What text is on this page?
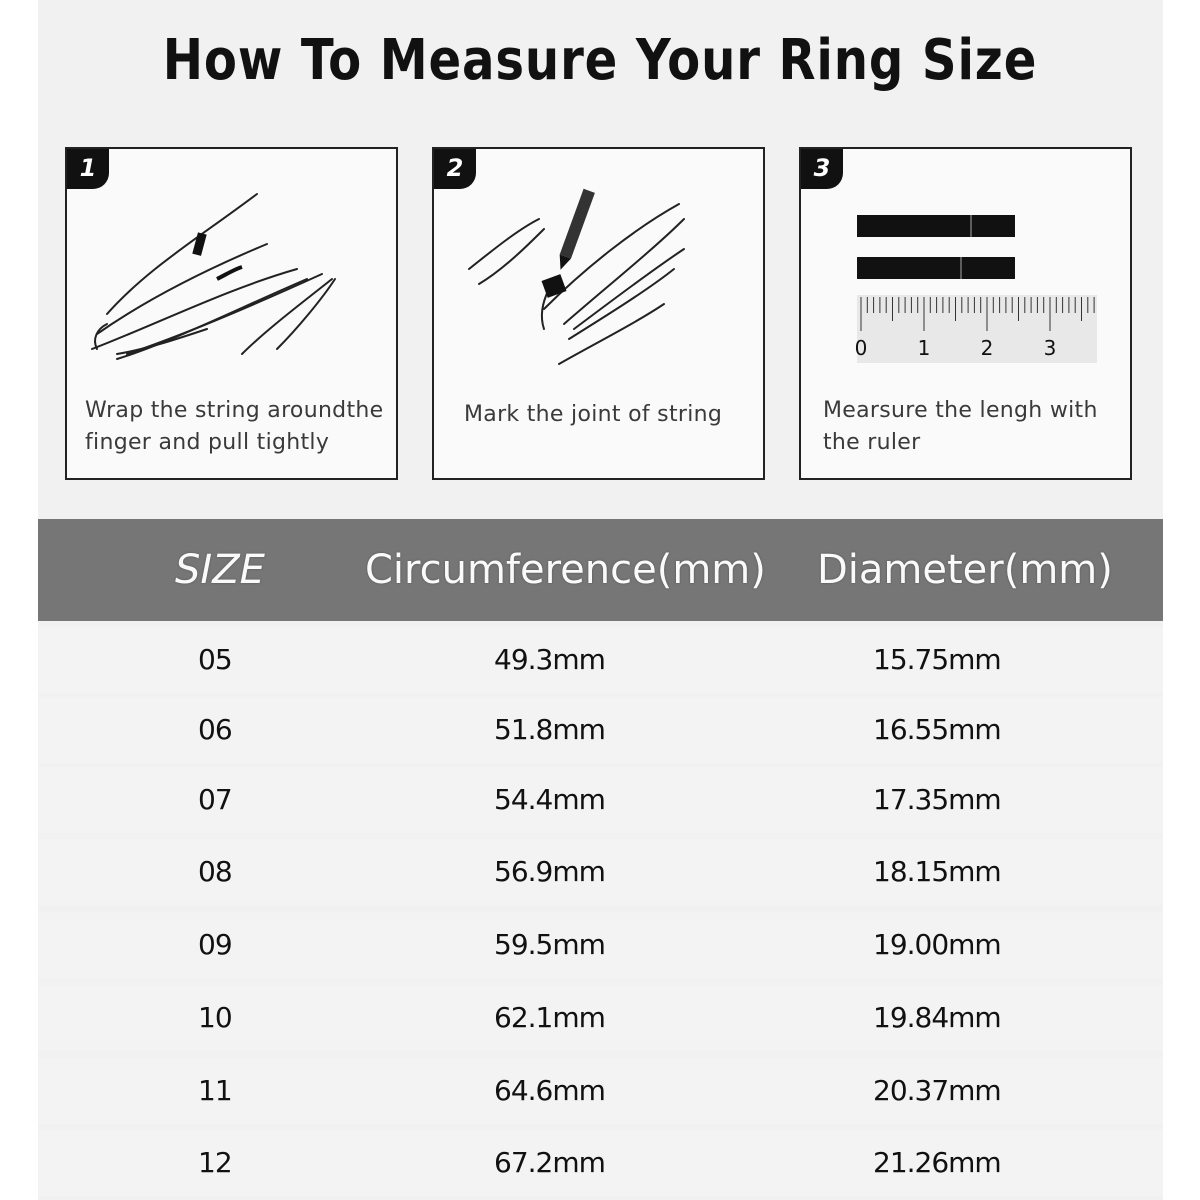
How To Measure Your Ring Size
Wrap the string aroundthe
finger and pull tightly
1
Mark the joint of string
2
0	1	2	3
Mearsure the lengh with
the ruler
3
SIZE	Circumference(mm) Diameter(mm)
05	49.3mm	15.75mm
06	51.8mm	16.55mm
07	54.4mm	17.35mm
08	56.9mm	18.15mm
09	59.5mm	19.00mm
10	62.1mm	19.84mm
11	64.6mm	20.37mm
12	67.2mm	21.26mm
